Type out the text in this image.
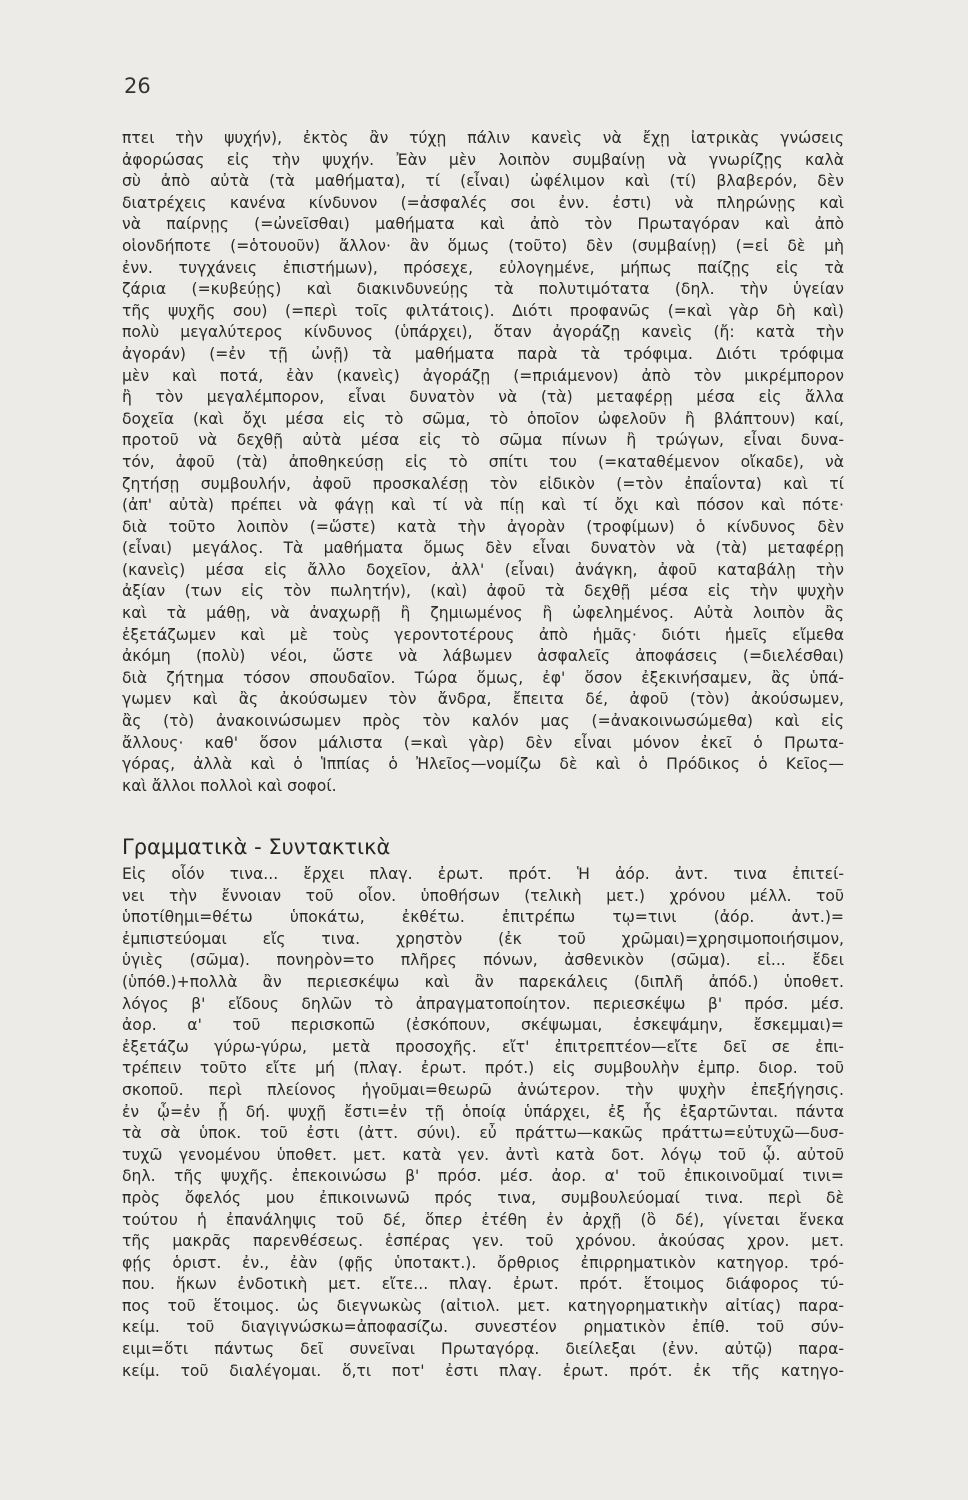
26
πτει τὴν ψυχήν), ἐκτὸς ἂν τύχῃ πάλιν κανεὶς νὰ ἔχῃ ἰατρικὰς γνώσεις
ἀφορώσας εἰς τὴν ψυχήν. Ἐὰν μὲν λοιπὸν συμβαίνῃ νὰ γνωρίζῃς καλὰ
σὺ ἀπὸ αὐτὰ (τὰ μαθήματα), τί (εἶναι) ὠφέλιμον καὶ (τί) βλαβερόν, δὲν
διατρέχεις κανένα κίνδυνον (=ἀσφαλές σοι ἐνν. ἐστι) νὰ πληρώνῃς καὶ
νὰ παίρνῃς (=ὠνεῖσθαι) μαθήματα καὶ ἀπὸ τὸν Πρωταγόραν καὶ ἀπὸ
οἱονδήποτε (=ὁτουοῦν) ἄλλον· ἂν ὅμως (τοῦτο) δὲν (συμβαίνῃ) (=εἰ δὲ μὴ
ἐνν. τυγχάνεις ἐπιστήμων), πρόσεχε, εὐλογημένε, μήπως παίζῃς εἰς τὰ
ζάρια (=κυβεύῃς) καὶ διακινδυνεύῃς τὰ πολυτιμότατα (δηλ. τὴν ὑγείαν
τῆς ψυχῆς σου) (=περὶ τοῖς φιλτάτοις). Διότι προφανῶς (=καὶ γὰρ δὴ καὶ)
πολὺ μεγαλύτερος κίνδυνος (ὑπάρχει), ὅταν ἀγοράζῃ κανεὶς (ἤ: κατὰ τὴν
ἀγοράν) (=ἐν τῇ ὠνῇ) τὰ μαθήματα παρὰ τὰ τρόφιμα. Διότι τρόφιμα
μὲν καὶ ποτά, ἐὰν (κανεὶς) ἀγοράζῃ (=πριάμενον) ἀπὸ τὸν μικρέμπορον
ἢ τὸν μεγαλέμπορον, εἶναι δυνατὸν νὰ (τὰ) μεταφέρῃ μέσα εἰς ἄλλα
δοχεῖα (καὶ ὄχι μέσα εἰς τὸ σῶμα, τὸ ὁποῖον ὠφελοῦν ἢ βλάπτουν) καί,
προτοῦ νὰ δεχθῇ αὐτὰ μέσα εἰς τὸ σῶμα πίνων ἢ τρώγων, εἶναι δυνα-
τόν, ἀφοῦ (τὰ) ἀποθηκεύσῃ εἰς τὸ σπίτι του (=καταθέμενον οἴκαδε), νὰ
ζητήσῃ συμβουλήν, ἀφοῦ προσκαλέσῃ τὸν εἰδικὸν (=τὸν ἐπαΐοντα) καὶ τί
(ἀπ' αὐτὰ) πρέπει νὰ φάγῃ καὶ τί νὰ πίῃ καὶ τί ὄχι καὶ πόσον καὶ πότε·
διὰ τοῦτο λοιπὸν (=ὥστε) κατὰ τὴν ἀγορὰν (τροφίμων) ὁ κίνδυνος δὲν
(εἶναι) μεγάλος. Τὰ μαθήματα ὅμως δὲν εἶναι δυνατὸν νὰ (τὰ) μεταφέρῃ
(κανεὶς) μέσα εἰς ἄλλο δοχεῖον, ἀλλ' (εἶναι) ἀνάγκη, ἀφοῦ καταβάλῃ τὴν
ἀξίαν (των εἰς τὸν πωλητήν), (καὶ) ἀφοῦ τὰ δεχθῇ μέσα εἰς τὴν ψυχὴν
καὶ τὰ μάθῃ, νὰ ἀναχωρῇ ἢ ζημιωμένος ἢ ὠφελημένος. Αὐτὰ λοιπὸν ἂς
ἐξετάζωμεν καὶ μὲ τοὺς γεροντοτέρους ἀπὸ ἡμᾶς· διότι ἡμεῖς εἴμεθα
ἀκόμη (πολὺ) νέοι, ὥστε νὰ λάβωμεν ἀσφαλεῖς ἀποφάσεις (=διελέσθαι)
διὰ ζήτημα τόσον σπουδαῖον. Τώρα ὅμως, ἐφ' ὅσον ἐξεκινήσαμεν, ἂς ὑπά-
γωμεν καὶ ἂς ἀκούσωμεν τὸν ἄνδρα, ἔπειτα δέ, ἀφοῦ (τὸν) ἀκούσωμεν,
ἂς (τὸ) ἀνακοινώσωμεν πρὸς τὸν καλόν μας (=ἀνακοινωσώμεθα) καὶ εἰς
ἄλλους· καθ' ὅσον μάλιστα (=καὶ γὰρ) δὲν εἶναι μόνον ἐκεῖ ὁ Πρωτα-
γόρας, ἀλλὰ καὶ ὁ Ἱππίας ὁ Ἠλεῖος—νομίζω δὲ καὶ ὁ Πρόδικος ὁ Κεῖος—
καὶ ἄλλοι πολλοὶ καὶ σοφοί.
Γραμματικὰ - Συντακτικὰ
Εἰς οἷόν τινα... ἔρχει πλαγ. ἐρωτ. πρότ. Ἡ ἀόρ. ἀντ. τινα ἐπιτεί-
νει τὴν ἔννοιαν τοῦ οἷον. ὑποθήσων (τελικὴ μετ.) χρόνου μέλλ. τοῦ
ὑποτίθημι=θέτω ὑποκάτω, ἐκθέτω. ἐπιτρέπω τῳ=τινι (ἀόρ. ἀντ.)=
ἐμπιστεύομαι εἴς τινα. χρηστὸν (ἐκ τοῦ χρῶμαι)=χρησιμοποιήσιμον,
ὑγιὲς (σῶμα). πονηρὸν=το πλῆρες πόνων, ἀσθενικὸν (σῶμα). εἰ... ἔδει
(ὑπόθ.)+πολλὰ ἂν περιεσκέψω καὶ ἂν παρεκάλεις (διπλῆ ἀπόδ.) ὑποθετ.
λόγος β' εἴδους δηλῶν τὸ ἀπραγματοποίητον. περιεσκέψω β' πρόσ. μέσ.
ἀορ. α' τοῦ περισκοπῶ (ἐσκόπουν, σκέψωμαι, ἐσκεψάμην, ἔσκεμμαι)=
ἐξετάζω γύρω-γύρω, μετὰ προσοχῆς. εἴτ' ἐπιτρεπτέον—εἴτε δεῖ σε ἐπι-
τρέπειν τοῦτο εἴτε μή (πλαγ. ἐρωτ. πρότ.) εἰς συμβουλὴν ἐμπρ. διορ. τοῦ
σκοποῦ. περὶ πλείονος ἡγοῦμαι=θεωρῶ ἀνώτερον. τὴν ψυχὴν ἐπεξήγησις.
ἐν ᾧ=ἐν ᾗ δή. ψυχῇ ἔστι=ἐν τῇ ὁποίᾳ ὑπάρχει, ἐξ ἧς ἐξαρτῶνται. πάντα
τὰ σὰ ὑποκ. τοῦ ἐστι (ἀττ. σύνι). εὖ πράττω—κακῶς πράττω=εὐτυχῶ—δυσ-
τυχῶ γενομένου ὑποθετ. μετ. κατὰ γεν. ἀντὶ κατὰ δοτ. λόγῳ τοῦ ᾧ. αὐτοῦ
δηλ. τῆς ψυχῆς. ἐπεκοινώσω β' πρόσ. μέσ. ἀορ. α' τοῦ ἐπικοινοῦμαί τινι=
πρὸς ὄφελός μου ἐπικοινωνῶ πρός τινα, συμβουλεύομαί τινα. περὶ δὲ
τούτου ἡ ἐπανάληψις τοῦ δέ, ὅπερ ἐτέθη ἐν ἀρχῇ (ὃ δέ), γίνεται ἕνεκα
τῆς μακρᾶς παρενθέσεως. ἑσπέρας γεν. τοῦ χρόνου. ἀκούσας χρον. μετ.
φῄς ὁριστ. ἐν., ἐὰν (φῇς ὑποτακτ.). ὄρθριος ἐπιρρηματικὸν κατηγορ. τρό-
που. ἥκων ἐνδοτικὴ μετ. εἴτε... πλαγ. ἐρωτ. πρότ. ἕτοιμος διάφορος τύ-
πος τοῦ ἕτοιμος. ὡς διεγνωκὼς (αἰτιολ. μετ. κατηγορηματικὴν αἰτίας) παρα-
κείμ. τοῦ διαγιγνώσκω=ἀποφασίζω. συνεστέον ρηματικὸν ἐπίθ. τοῦ σύν-
ειμι=ὅτι πάντως δεῖ συνεῖναι Πρωταγόρᾳ. διείλεξαι (ἐνν. αὐτῷ) παρα-
κείμ. τοῦ διαλέγομαι. ὅ,τι ποτ' ἐστι πλαγ. ἐρωτ. πρότ. ἐκ τῆς κατηγο-
